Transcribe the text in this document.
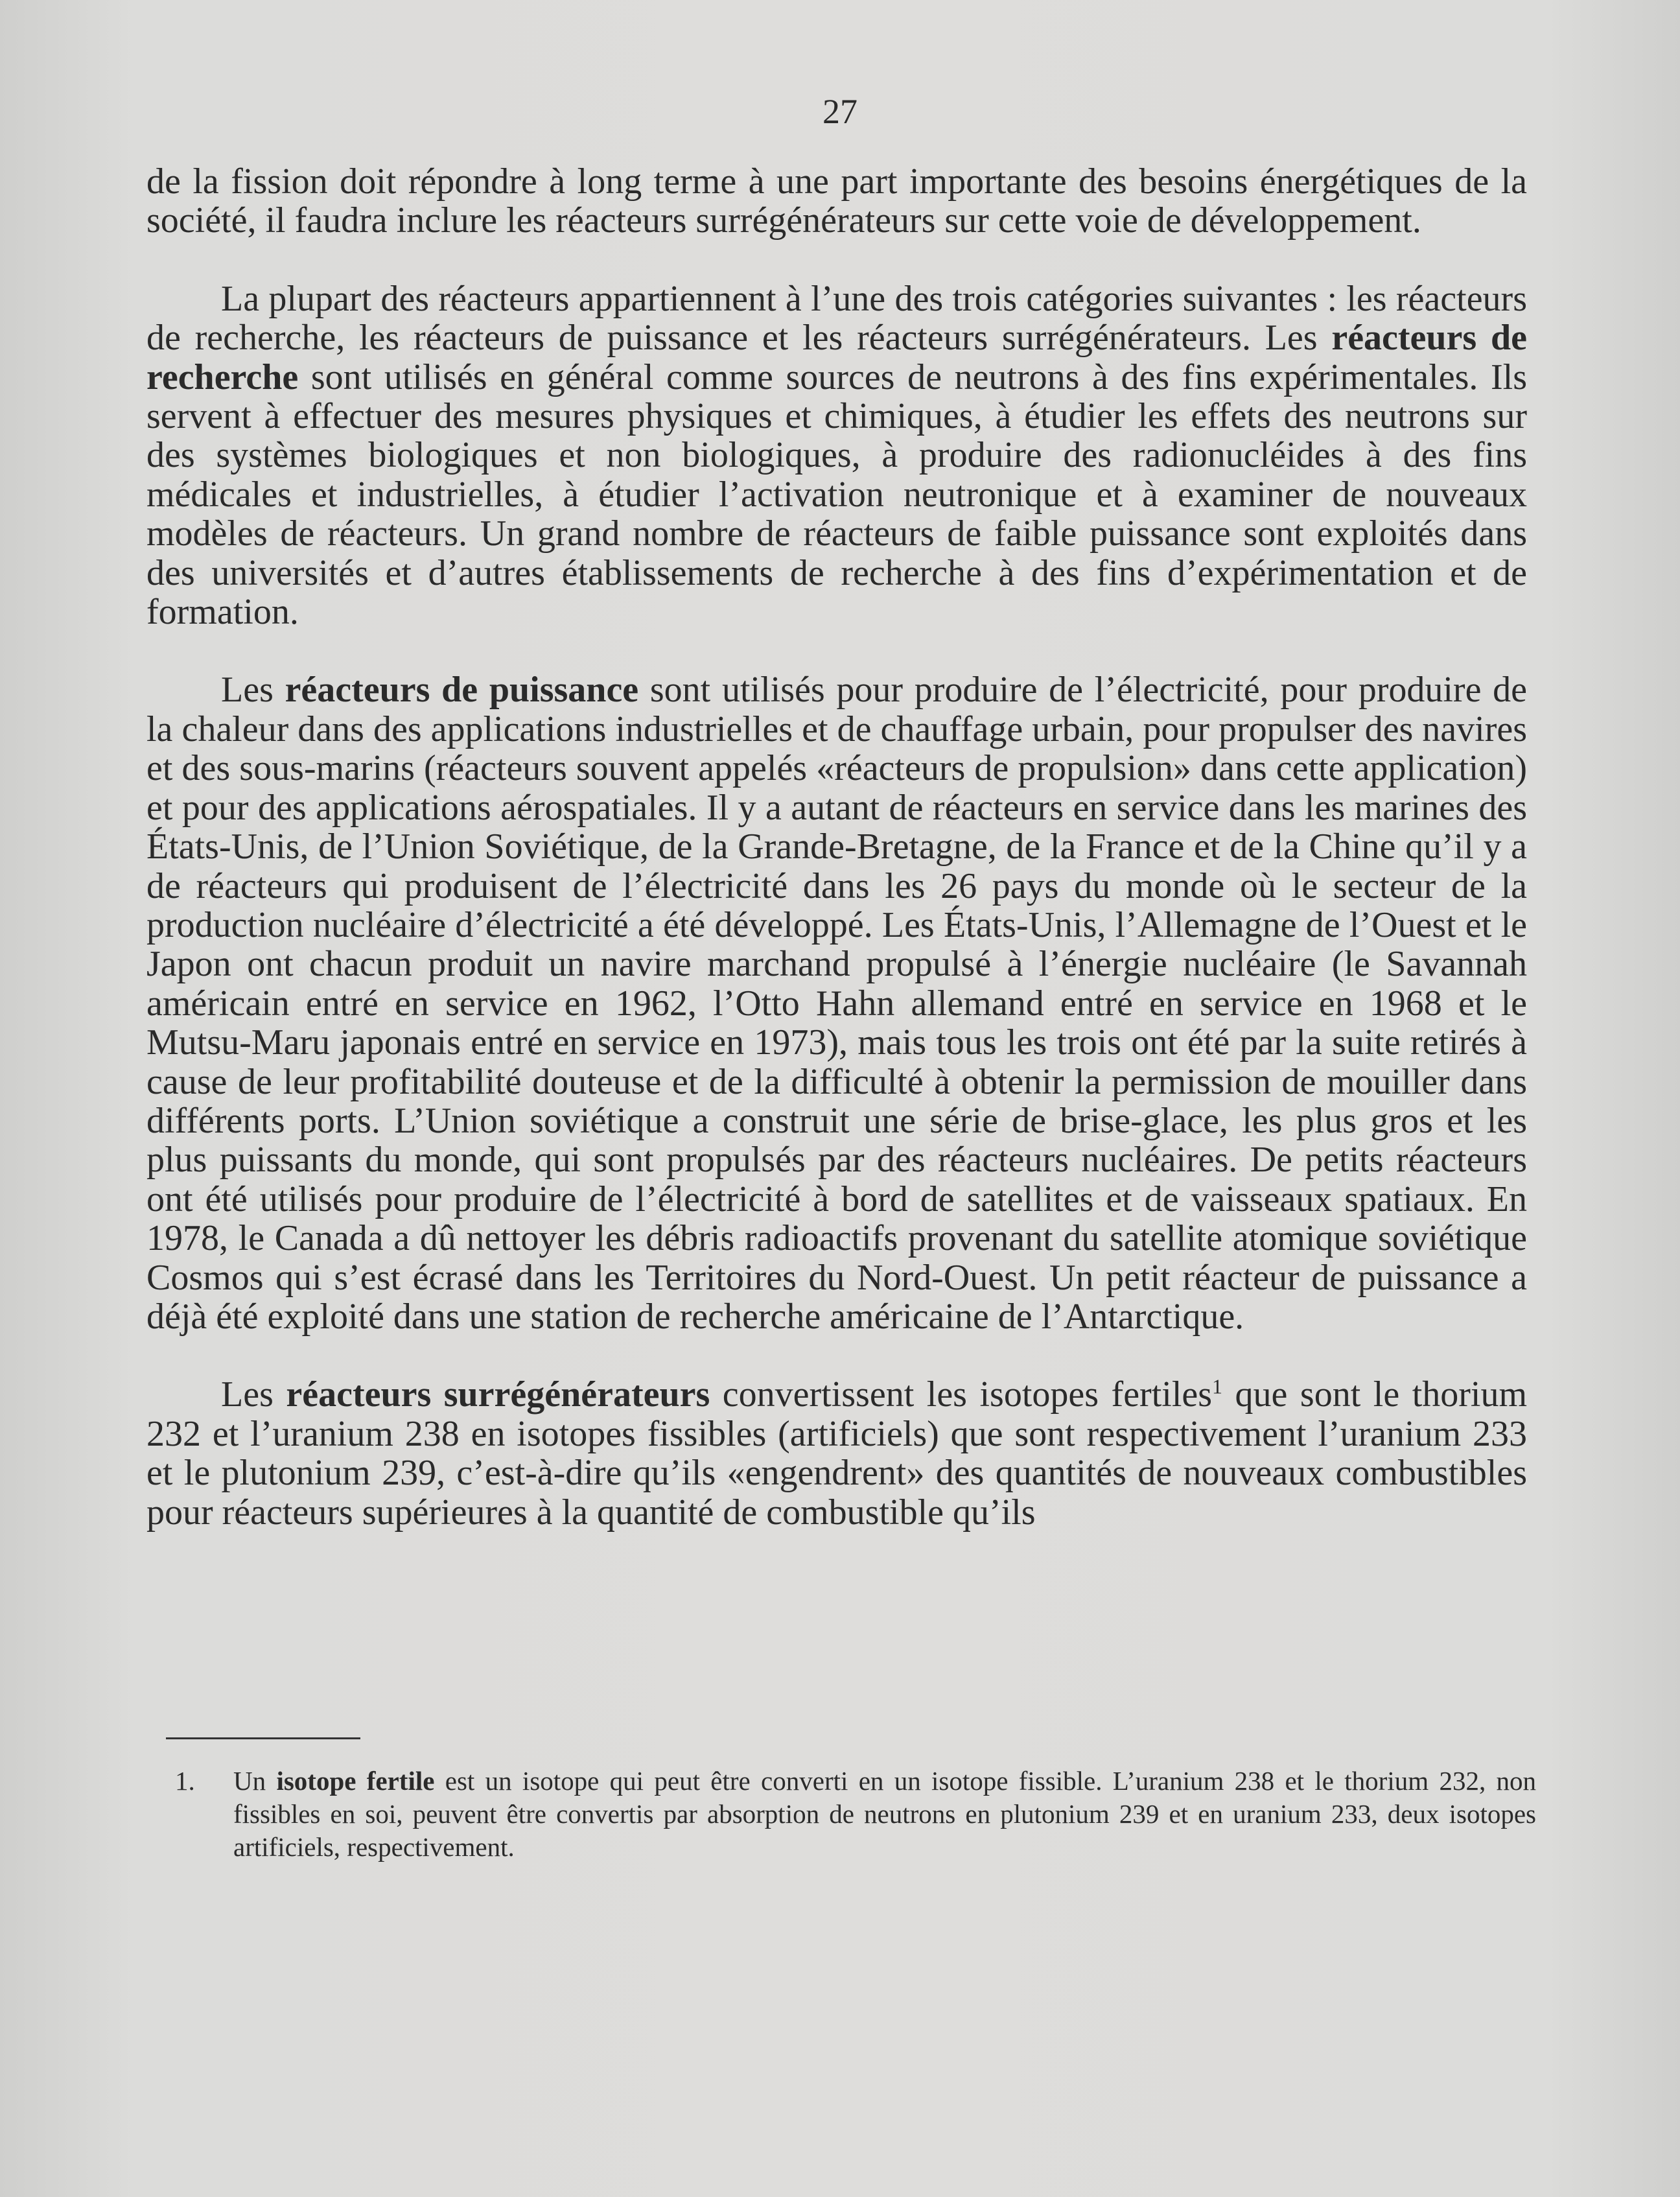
27

de la fission doit répondre à long terme à une part importante des besoins énergétiques de la société, il faudra inclure les réacteurs surrégénérateurs sur cette voie de développement.

La plupart des réacteurs appartiennent à l’une des trois catégories suivantes : les réacteurs de recherche, les réacteurs de puissance et les réacteurs surrégénérateurs. Les réacteurs de recherche sont utilisés en général comme sources de neutrons à des fins expérimentales. Ils servent à effectuer des mesures physiques et chimiques, à étudier les effets des neutrons sur des systèmes biologiques et non biologiques, à produire des radionucléides à des fins médicales et industrielles, à étudier l’activation neutronique et à examiner de nouveaux modèles de réacteurs. Un grand nombre de réacteurs de faible puissance sont exploités dans des universités et d’autres établissements de recherche à des fins d’expérimentation et de formation.

Les réacteurs de puissance sont utilisés pour produire de l’électricité, pour produire de la chaleur dans des applications industrielles et de chauffage urbain, pour propulser des navires et des sous-marins (réacteurs souvent appelés «réacteurs de propulsion» dans cette application) et pour des applications aérospatiales. Il y a autant de réacteurs en service dans les marines des États-Unis, de l’Union Soviétique, de la Grande-Bretagne, de la France et de la Chine qu’il y a de réacteurs qui produisent de l’électricité dans les 26 pays du monde où le secteur de la production nucléaire d’électricité a été développé. Les États-Unis, l’Allemagne de l’Ouest et le Japon ont chacun produit un navire marchand propulsé à l’énergie nucléaire (le Savannah américain entré en service en 1962, l’Otto Hahn allemand entré en service en 1968 et le Mutsu-Maru japonais entré en service en 1973), mais tous les trois ont été par la suite retirés à cause de leur profitabilité douteuse et de la difficulté à obtenir la permission de mouiller dans différents ports. L’Union soviétique a construit une série de brise-glace, les plus gros et les plus puissants du monde, qui sont propulsés par des réacteurs nucléaires. De petits réacteurs ont été utilisés pour produire de l’électricité à bord de satellites et de vaisseaux spatiaux. En 1978, le Canada a dû nettoyer les débris radioactifs provenant du satellite atomique soviétique Cosmos qui s’est écrasé dans les Territoires du Nord-Ouest. Un petit réacteur de puissance a déjà été exploité dans une station de recherche américaine de l’Antarctique.

Les réacteurs surrégénérateurs convertissent les isotopes fertiles$^1$ que sont le thorium 232 et l’uranium 238 en isotopes fissibles (artificiels) que sont respectivement l’uranium 233 et le plutonium 239, c’est-à-dire qu’ils «engendrent» des quantités de nouveaux combustibles pour réacteurs supérieures à la quantité de combustible qu’ils

1. Un isotope fertile est un isotope qui peut être converti en un isotope fissible. L’uranium 238 et le thorium 232, non fissibles en soi, peuvent être convertis par absorption de neutrons en plutonium 239 et en uranium 233, deux isotopes artificiels, respectivement.
